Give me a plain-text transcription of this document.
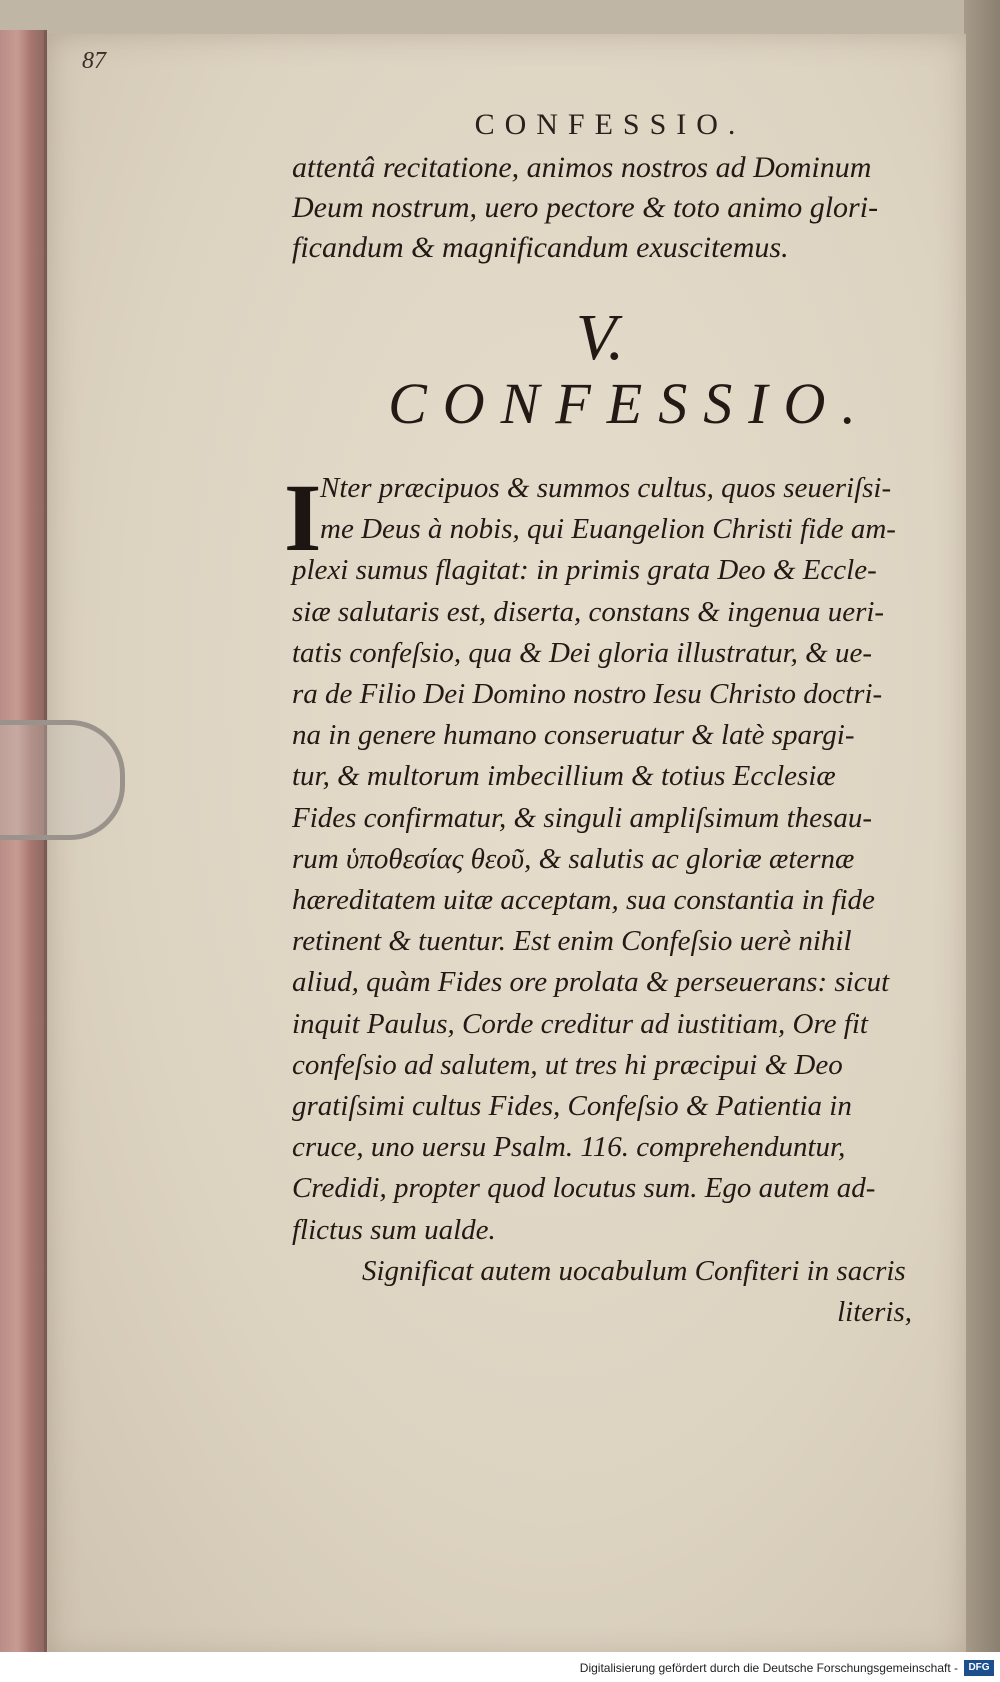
87
CONFESSIO.
attentâ recitatione, animos nostros ad Dominum
Deum nostrum, uero pectore & toto animo glori-
ficandum & magnificandum exuscitemus.
V.
CONFESSIO.
I
Nter præcipuos & summos cultus, quos seueriſsi-
me Deus à nobis, qui Euangelion Christi fide am-
plexi sumus flagitat: in primis grata Deo & Eccle-
siæ salutaris est, diserta, constans & ingenua ueri-
tatis confeſsio, qua & Dei gloria illustratur, & ue-
ra de Filio Dei Domino nostro Iesu Christo doctri-
na in genere humano conseruatur & latè spargi-
tur, & multorum imbecillium & totius Ecclesiæ
Fides confirmatur, & singuli ampliſsimum thesau-
rum ὑποθεσίας θεοῦ, & salutis ac gloriæ æternæ
hæreditatem uitæ acceptam, sua constantia in fide
retinent & tuentur. Est enim Confeſsio uerè nihil
aliud, quàm Fides ore prolata & perseuerans: sicut
inquit Paulus, Corde creditur ad iustitiam, Ore fit
confeſsio ad salutem, ut tres hi præcipui & Deo
gratiſsimi cultus Fides, Confeſsio & Patientia in
cruce, uno uersu Psalm. 116. comprehenduntur,
Credidi, propter quod locutus sum. Ego autem ad-
flictus sum ualde.
Significat autem uocabulum Confiteri in sacris
literis,
Digitalisierung gefördert durch die Deutsche Forschungsgemeinschaft -	DFG
